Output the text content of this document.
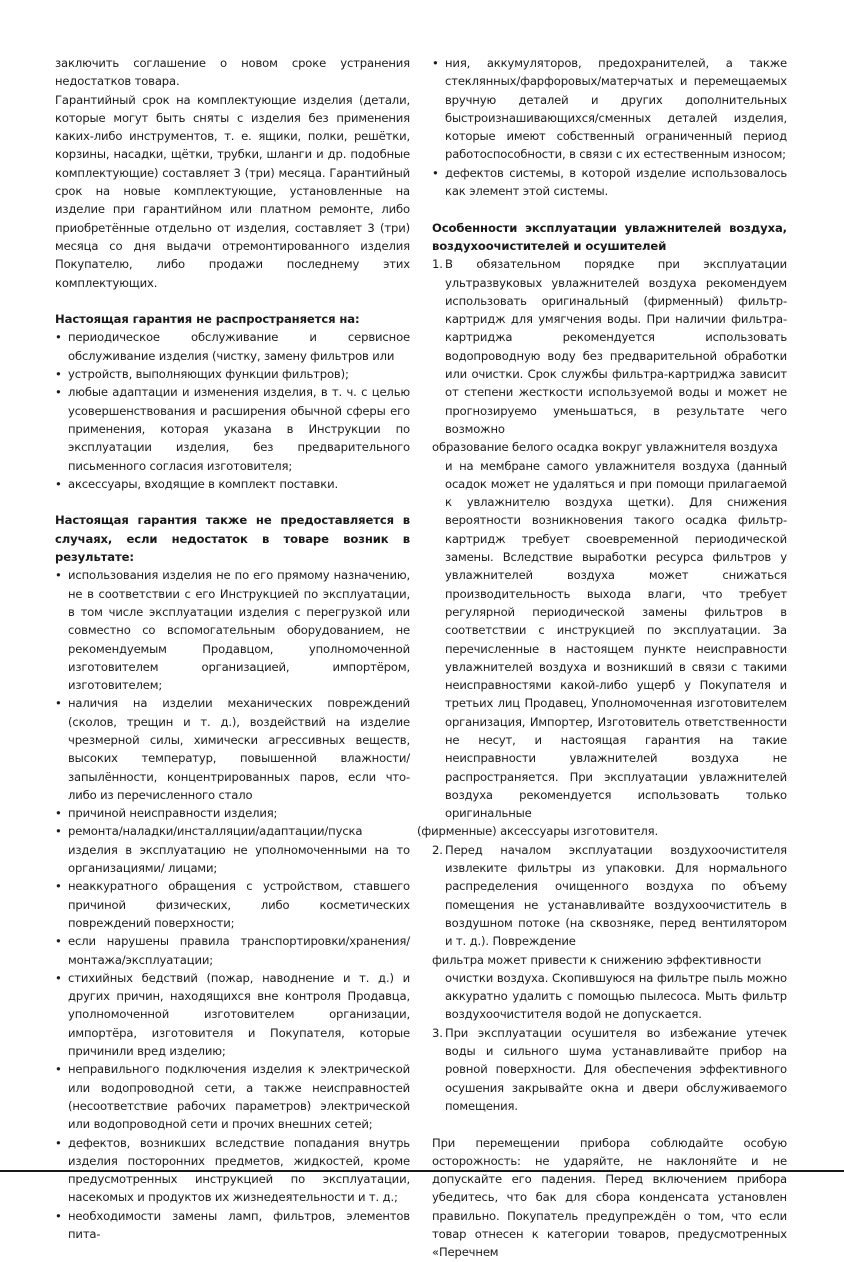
заключить соглашение о новом сроке устранения недостатков товара.

Гарантийный срок на комплектующие изделия (детали, которые могут быть сняты с изделия без применения каких-либо инструментов, т. е. ящики, полки, решётки, корзины, насадки, щётки, трубки, шланги и др. подобные комплектующие) составляет 3 (три) месяца. Гарантийный срок на новые комплектующие, установленные на изделие при гарантийном или платном ремонте, либо приобретённые отдельно от изделия, составляет 3 (три) месяца со дня выдачи отремонтированного изделия Покупателю, либо продажи последнему этих комплектующих.

Настоящая гарантия не распространяется на:
• периодическое обслуживание и сервисное обслуживание изделия (чистку, замену фильтров или
• устройств, выполняющих функции фильтров);
• любые адаптации и изменения изделия, в т. ч. с целью усовершенствования и расширения обычной сферы его применения, которая указана в Инструкции по эксплуатации изделия, без предварительного письменного согласия изготовителя;
• аксессуары, входящие в комплект поставки.
Настоящая гарантия также не предоставляется в случаях, если недостаток в товаре возник в результате:
• использования изделия не по его прямому назначению, не в соответствии с его Инструкцией по эксплуатации, в том числе эксплуатации изделия с перегрузкой или совместно со вспомогательным оборудованием, не рекомендуемым Продавцом, уполномоченной изготовителем организацией, импортёром, изготовителем;
• наличия на изделии механических повреждений (сколов, трещин и т. д.), воздействий на изделие чрезмерной силы, химически агрессивных веществ, высоких температур, повышенной влажности/запылённости, концентрированных паров, если что-либо из перечисленного стало
• причиной неисправности изделия;
• ремонта/наладки/инсталляции/адаптации/пуска изделия в эксплуатацию не уполномоченными на то организациями/ лицами;
• неаккуратного обращения с устройством, ставшего причиной физических, либо косметических повреждений поверхности;
• если нарушены правила транспортировки/хранения/монтажа/эксплуатации;
• стихийных бедствий (пожар, наводнение и т. д.) и других причин, находящихся вне контроля Продавца, уполномоченной изготовителем организации, импортёра, изготовителя и Покупателя, которые причинили вред изделию;
• неправильного подключения изделия к электрической или водопроводной сети, а также неисправностей (несоответствие рабочих параметров) электрической или водопроводной сети и прочих внешних сетей;
• дефектов, возникших вследствие попадания внутрь изделия посторонних предметов, жидкостей, кроме предусмотренных инструкцией по эксплуатации, насекомых и продуктов их жизнедеятельности и т. д.;
• необходимости замены ламп, фильтров, элементов пита-
• ния, аккумуляторов, предохранителей, а также стеклянных/фарфоровых/матерчатых и перемещаемых вручную деталей и других дополнительных быстроизнашивающихся/сменных деталей изделия, которые имеют собственный ограниченный период работоспособности, в связи с их естественным износом;
• дефектов системы, в которой изделие использовалось как элемент этой системы.
Особенности эксплуатации увлажнителей воздуха, воздухоочистителей и осушителей
1. В обязательном порядке при эксплуатации ультразвуковых увлажнителей воздуха рекомендуем использовать оригинальный (фирменный) фильтр-картридж для умягчения воды. При наличии фильтра-картриджа рекомендуется использовать водопроводную воду без предварительной обработки или очистки. Срок службы фильтра-картриджа зависит от степени жесткости используемой воды и может не прогнозируемо уменьшаться, в результате чего возможно

образование белого осадка вокруг увлажнителя воздуха

и на мембране самого увлажнителя воздуха (данный осадок может не удаляться и при помощи прилагаемой к увлажнителю воздуха щетки). Для снижения вероятности возникновения такого осадка фильтр-картридж требует своевременной периодической замены. Вследствие выработки ресурса фильтров у увлажнителей воздуха может снижаться производительность выхода влаги, что требует регулярной периодической замены фильтров в соответствии с инструкцией по эксплуатации. За перечисленные в настоящем пункте неисправности увлажнителей воздуха и возникший в связи с такими неисправностями какой-либо ущерб у Покупателя и третьих лиц Продавец, Уполномоченная изготовителем организация, Импортер, Изготовитель ответственности не несут, и настоящая гарантия на такие неисправности увлажнителей воздуха не распространяется. При эксплуатации увлажнителей воздуха рекомендуется использовать только оригинальные

(фирменные) аксессуары изготовителя.

2. Перед началом эксплуатации воздухоочистителя извлеките фильтры из упаковки. Для нормального распределения очищенного воздуха по объему помещения не устанавливайте воздухоочиститель в воздушном потоке (на сквозняке, перед вентилятором и т. д.). Повреждение

фильтра может привести к снижению эффективности

очистки воздуха. Скопившуюся на фильтре пыль можно аккуратно удалить с помощью пылесоса. Мыть фильтр воздухоочистителя водой не допускается.

3. При эксплуатации осушителя во избежание утечек воды и сильного шума устанавливайте прибор на ровной поверхности. Для обеспечения эффективного осушения закрывайте окна и двери обслуживаемого помещения.

При перемещении прибора соблюдайте особую осторожность: не ударяйте, не наклоняйте и не допускайте его падения. Перед включением прибора убедитесь, что бак для сбора конденсата установлен правильно. Покупатель предупреждён о том, что если товар отнесен к категории товаров, предусмотренных «Перечнем
